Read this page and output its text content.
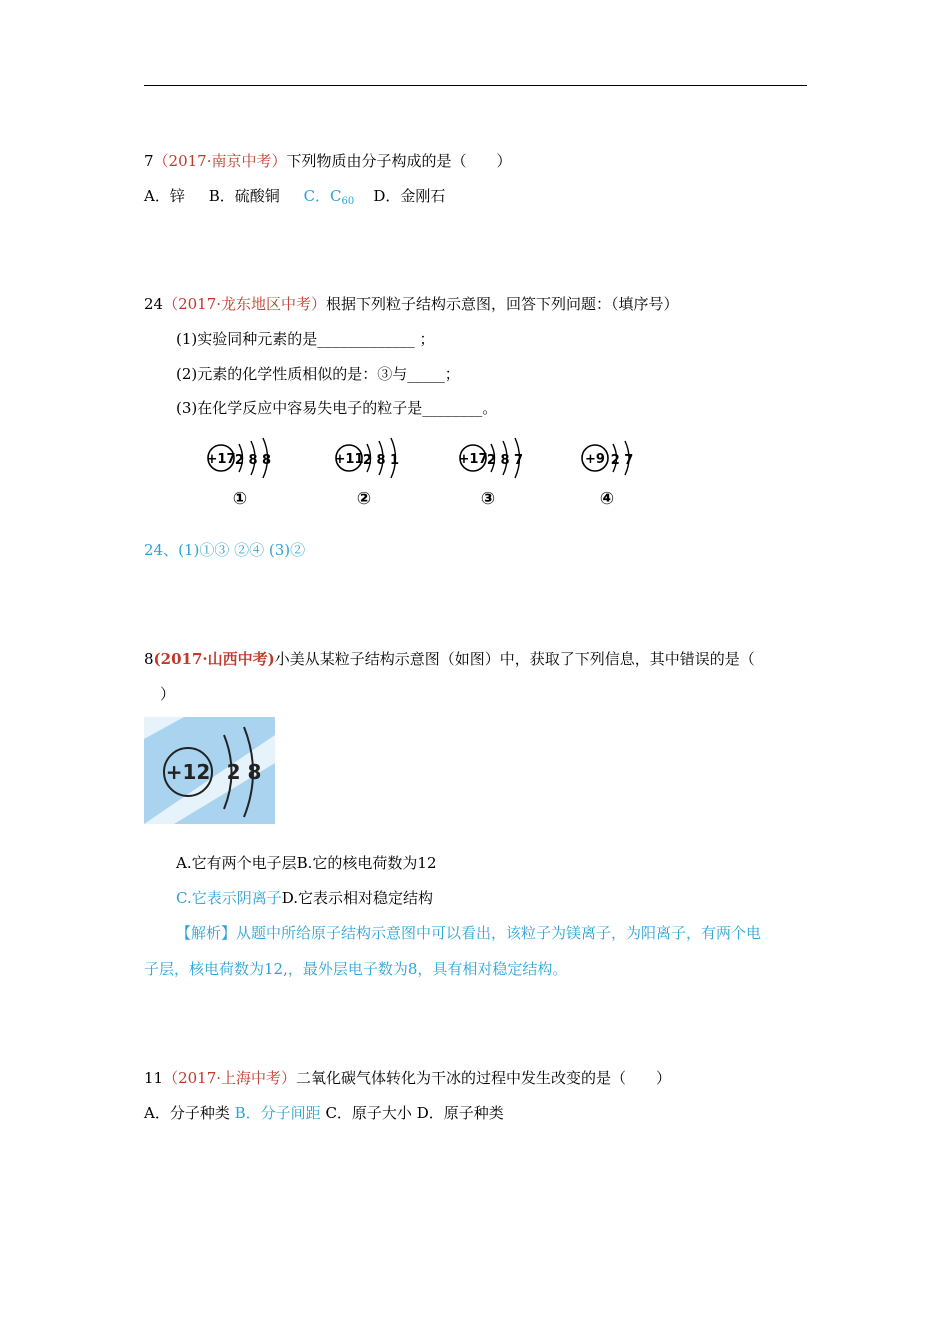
7（2017·南京中考）下列物质由分子构成的是（　　）
A．锌 B．硫酸铜 C．$C_{60}$ D．金刚石
24（2017·龙东地区中考）根据下列粒子结构示意图，回答下列问题：（填序号）
(1)实验同种元素的是_____________ ；
(2)元素的化学性质相似的是：③与_____；
(3)在化学反应中容易失电子的粒子是________。
+17 2 8 8
①
+11 2 8 1
②
+17 2 8 7
③
+9 2 7
④
24、(1)①③ ②④ (3)②
8(2017·山西中考)小美从某粒子结构示意图（如图）中，获取了下列信息，其中错误的是（
）
+12 2 8
A.它有两个电子层B.它的核电荷数为12
C.它表示阴离子D.它表示相对稳定结构
【解析】从题中所给原子结构示意图中可以看出，该粒子为镁离子，为阳离子，有两个电
子层，核电荷数为12,，最外层电子数为8，具有相对稳定结构。
11（2017·上海中考）二氧化碳气体转化为干冰的过程中发生改变的是（　　）
A．分子种类 B．分子间距 C．原子大小 D．原子种类
